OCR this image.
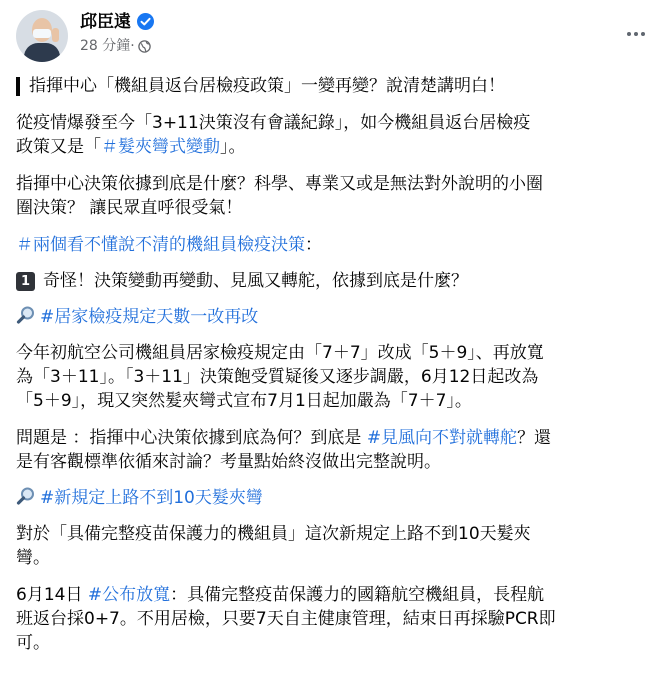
邱臣遠
28 分鐘·

指揮中心「機組員返台居檢疫政策」一變再變？說清楚講明白！

從疫情爆發至今「3+11決策沒有會議紀錄」，如今機組員返台居檢疫
政策又是「＃髮夾彎式變動」。

指揮中心決策依據到底是什麼？科學、專業又或是無法對外說明的小圈
圈決策？ 讓民眾直呼很受氣！

＃兩個看不懂說不清的機組員檢疫決策：

1 奇怪！決策變動再變動、見風又轉舵，依據到底是什麼？

#居家檢疫規定天數一改再改

今年初航空公司機組員居家檢疫規定由「7＋7」改成「5＋9」、再放寬
為「3＋11」。「3＋11」決策飽受質疑後又逐步調嚴，6月12日起改為
「5＋9」，現又突然髮夾彎式宣布7月1日起加嚴為「7＋7」。

問題是 ：指揮中心決策依據到底為何？到底是 #見風向不對就轉舵？還
是有客觀標準依循來討論？考量點始終沒做出完整說明。

#新規定上路不到10天髮夾彎

對於「具備完整疫苗保護力的機組員」這次新規定上路不到10天髮夾
彎。

6月14日 #公布放寬：具備完整疫苗保護力的國籍航空機組員，長程航
班返台採0+7。不用居檢，只要7天自主健康管理，結束日再採驗PCR即
可。
